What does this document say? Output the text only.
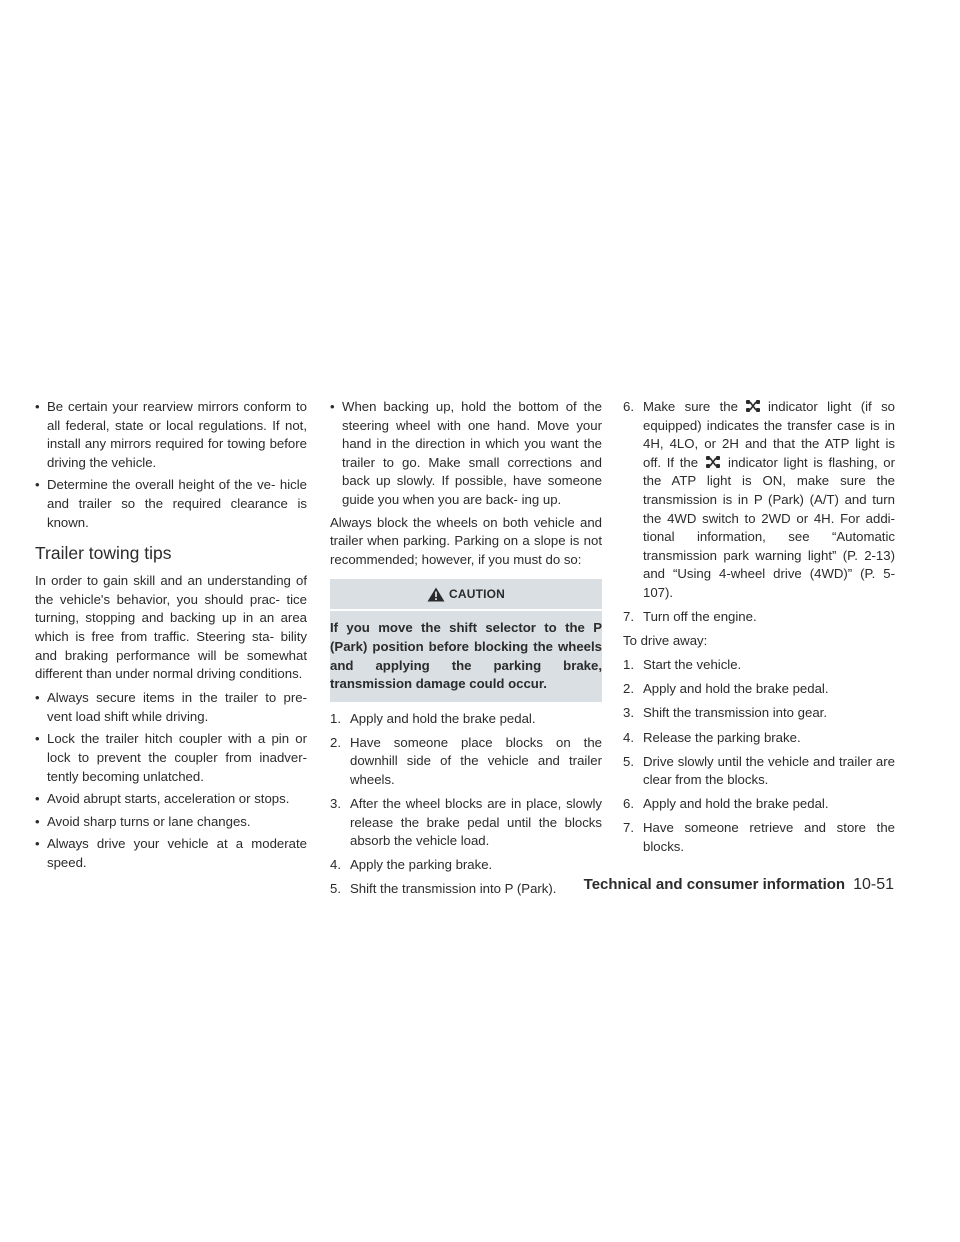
• Be certain your rearview mirrors conform to all federal, state or local regulations. If not, install any mirrors required for towing before driving the vehicle.
• Determine the overall height of the ve- hicle and trailer so the required clearance is known.
Trailer towing tips
In order to gain skill and an understanding of the vehicle's behavior, you should prac- tice turning, stopping and backing up in an area which is free from traffic. Steering sta- bility and braking performance will be somewhat different than under normal driving conditions.
• Always secure items in the trailer to pre- vent load shift while driving.
• Lock the trailer hitch coupler with a pin or lock to prevent the coupler from inadver- tently becoming unlatched.
• Avoid abrupt starts, acceleration or stops.
• Avoid sharp turns or lane changes.
• Always drive your vehicle at a moderate speed.
• When backing up, hold the bottom of the steering wheel with one hand. Move your hand in the direction in which you want the trailer to go. Make small corrections and back up slowly. If possible, have someone guide you when you are back- ing up.
Always block the wheels on both vehicle and trailer when parking. Parking on a slope is not recommended; however, if you must do so:
CAUTION
If you move the shift selector to the P (Park) position before blocking the wheels and applying the parking brake, transmission damage could occur.
1. Apply and hold the brake pedal.
2. Have someone place blocks on the downhill side of the vehicle and trailer wheels.
3. After the wheel blocks are in place, slowly release the brake pedal until the blocks absorb the vehicle load.
4. Apply the parking brake.
5. Shift the transmission into P (Park).
6. Make sure the indicator light (if so equipped) indicates the transfer case is in 4H, 4LO, or 2H and that the ATP light is off. If the indicator light is flashing, or the ATP light is ON, make sure the transmission is in P (Park) (A/T) and turn the 4WD switch to 2WD or 4H. For addi- tional information, see “Automatic transmission park warning light” (P. 2-13) and “Using 4-wheel drive (4WD)” (P. 5-107).
7. Turn off the engine.
To drive away:
1. Start the vehicle.
2. Apply and hold the brake pedal.
3. Shift the transmission into gear.
4. Release the parking brake.
5. Drive slowly until the vehicle and trailer are clear from the blocks.
6. Apply and hold the brake pedal.
7. Have someone retrieve and store the blocks.
Technical and consumer information 10-51
